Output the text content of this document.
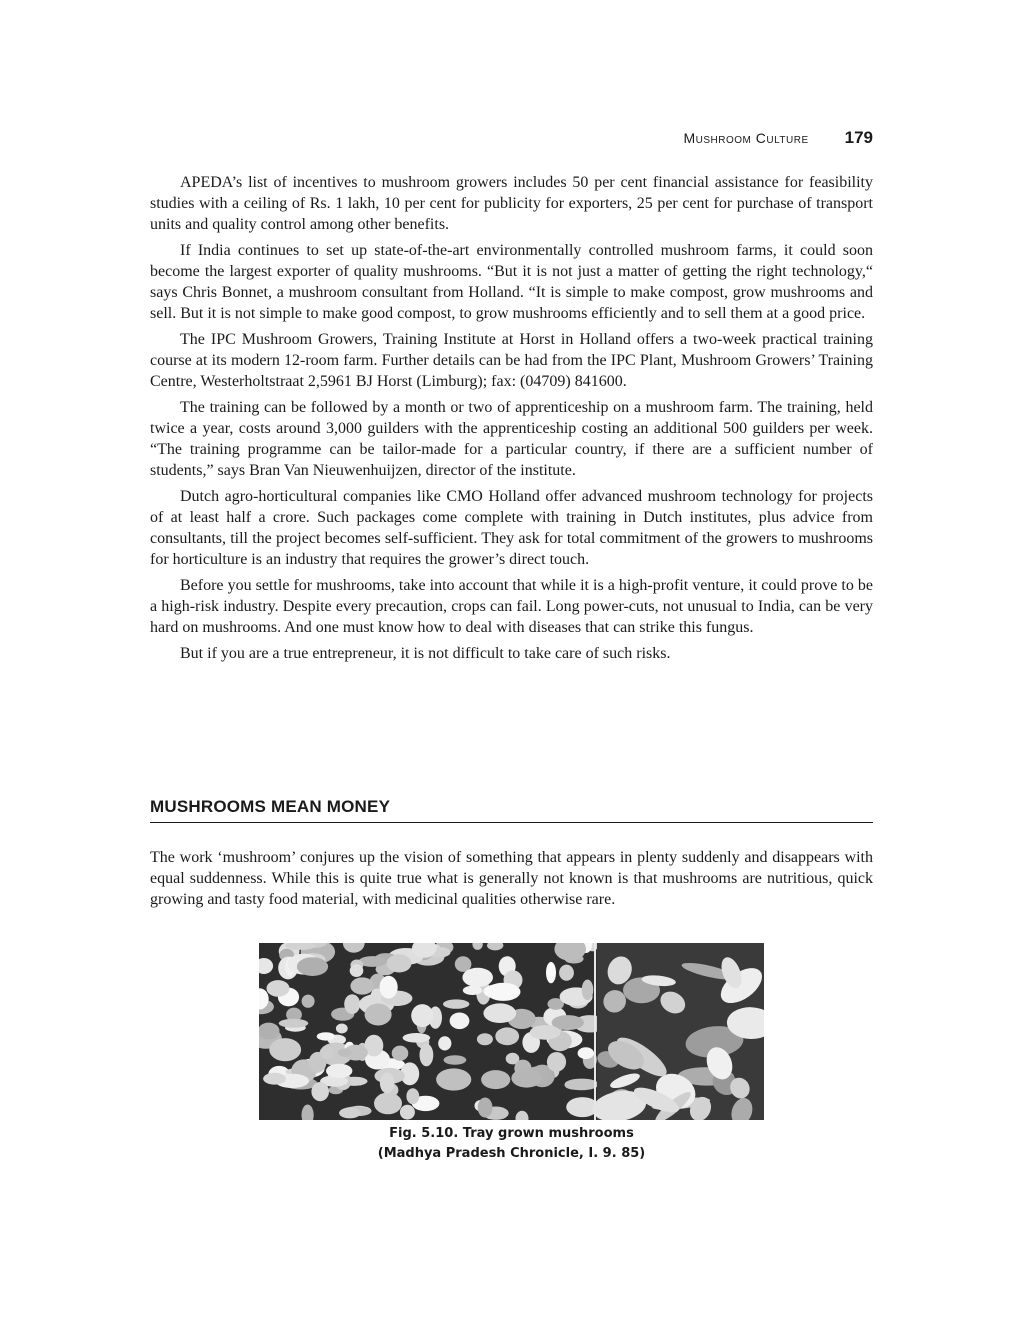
Mushroom Culture 179

APEDA’s list of incentives to mushroom growers includes 50 per cent financial assistance for feasibility studies with a ceiling of Rs. 1 lakh, 10 per cent for publicity for exporters, 25 per cent for purchase of transport units and quality control among other benefits.

If India continues to set up state-of-the-art environmentally controlled mushroom farms, it could soon become the largest exporter of quality mushrooms. “But it is not just a matter of getting the right technology,“ says Chris Bonnet, a mushroom consultant from Holland. “It is simple to make compost, grow mushrooms and sell. But it is not simple to make good compost, to grow mushrooms efficiently and to sell them at a good price.

The IPC Mushroom Growers, Training Institute at Horst in Holland offers a two-week practical training course at its modern 12-room farm. Further details can be had from the IPC Plant, Mushroom Growers’ Training Centre, Westerholtstraat 2,5961 BJ Horst (Limburg); fax: (04709) 841600.

The training can be followed by a month or two of apprenticeship on a mushroom farm. The training, held twice a year, costs around 3,000 guilders with the apprenticeship costing an additional 500 guilders per week. “The training programme can be tailor-made for a particular country, if there are a sufficient number of students,” says Bran Van Nieuwenhuijzen, director of the institute.

Dutch agro-horticultural companies like CMO Holland offer advanced mushroom technology for projects of at least half a crore. Such packages come complete with training in Dutch institutes, plus advice from consultants, till the project becomes self-sufficient. They ask for total commitment of the growers to mushrooms for horticulture is an industry that requires the grower’s direct touch.

Before you settle for mushrooms, take into account that while it is a high-profit venture, it could prove to be a high-risk industry. Despite every precaution, crops can fail. Long power-cuts, not unusual to India, can be very hard on mushrooms. And one must know how to deal with diseases that can strike this fungus.

But if you are a true entrepreneur, it is not difficult to take care of such risks.

MUSHROOMS MEAN MONEY

The work ‘mushroom’ conjures up the vision of something that appears in plenty suddenly and disappears with equal suddenness. While this is quite true what is generally not known is that mushrooms are nutritious, quick growing and tasty food material, with medicinal qualities otherwise rare.

Fig. 5.10. Tray grown mushrooms
(Madhya Pradesh Chronicle, I. 9. 85)
